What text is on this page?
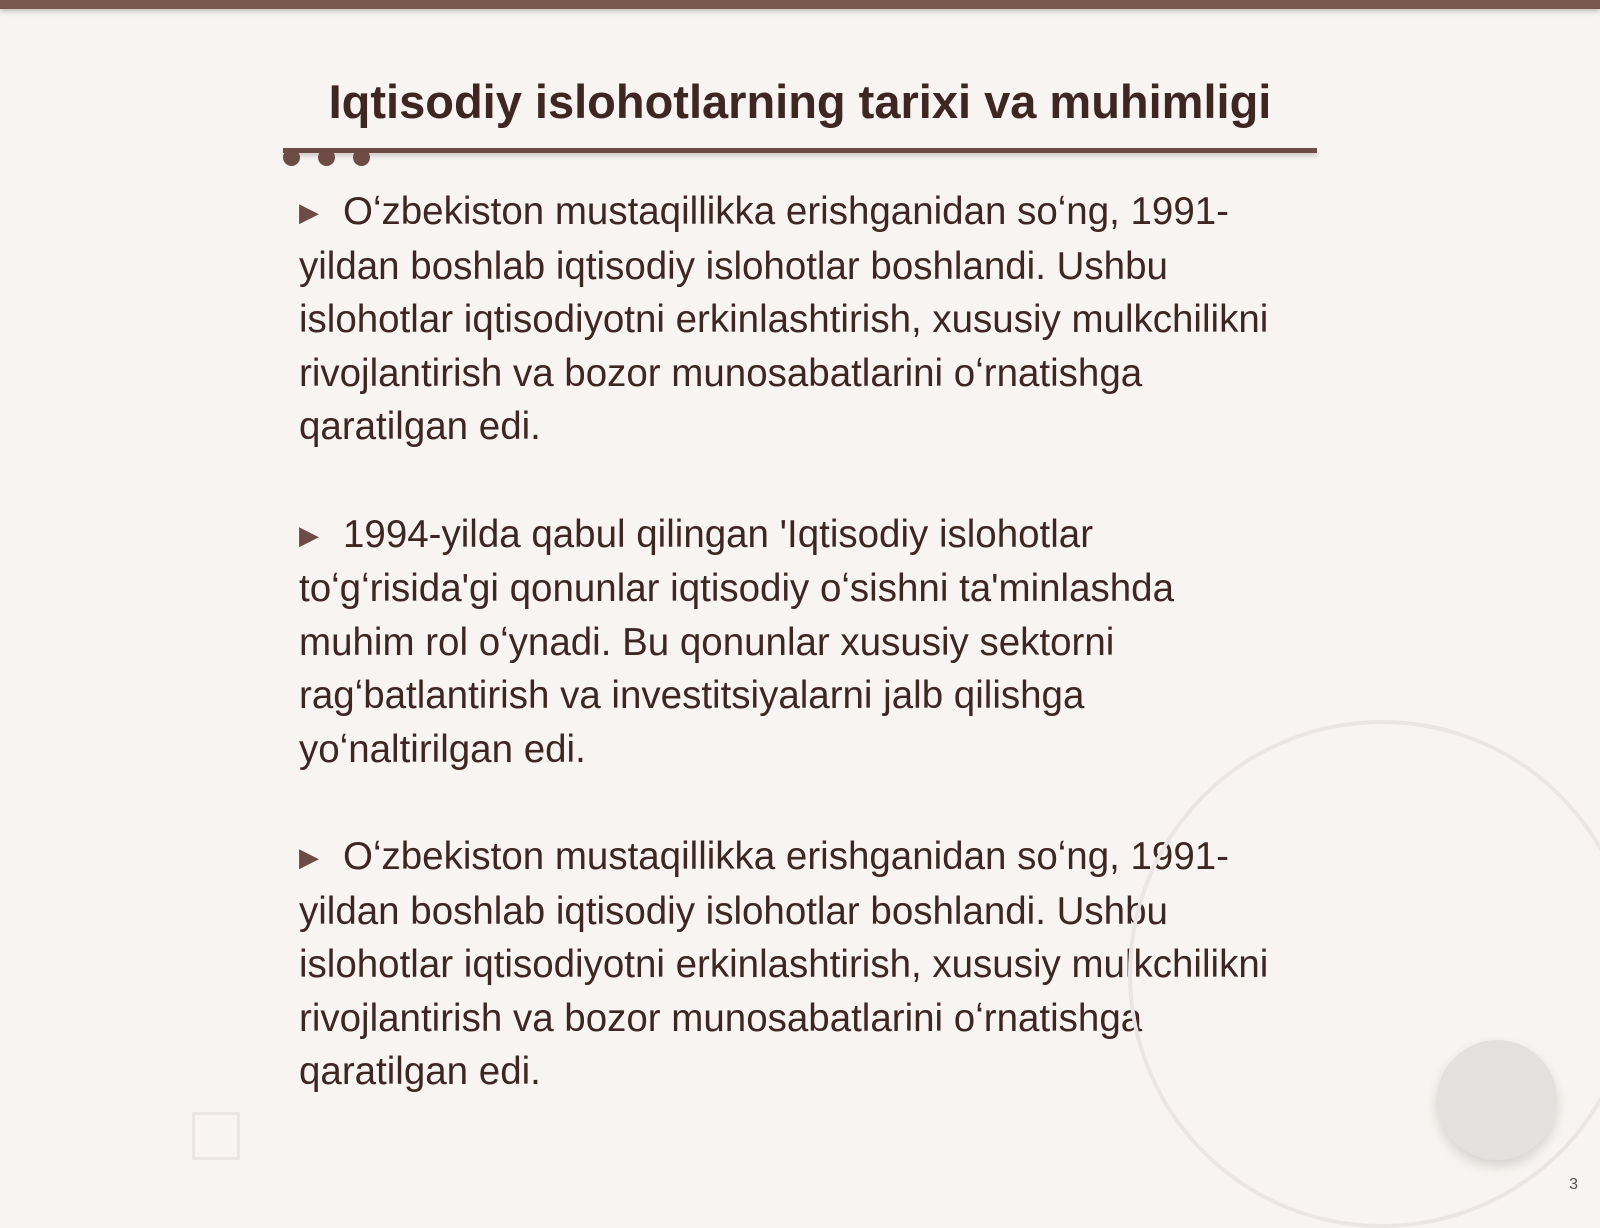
Iqtisodiy islohotlarning tarixi va muhimligi
▶ Oʻzbekiston mustaqillikka erishganidan soʻng, 1991-yildan boshlab iqtisodiy islohotlar boshlandi. Ushbu islohotlar iqtisodiyotni erkinlashtirish, xususiy mulkchilikni rivojlantirish va bozor munosabatlarini oʻrnatishga qaratilgan edi.
▶ 1994-yilda qabul qilingan 'Iqtisodiy islohotlar toʻgʻrisida'gi qonunlar iqtisodiy oʻsishni ta'minlashda muhim rol oʻynadi. Bu qonunlar xususiy sektorni ragʻbatlantirish va investitsiyalarni jalb qilishga yoʻnaltirilgan edi.
▶ Oʻzbekiston mustaqillikka erishganidan soʻng, 1991-yildan boshlab iqtisodiy islohotlar boshlandi. Ushbu islohotlar iqtisodiyotni erkinlashtirish, xususiy mulkchilikni rivojlantirish va bozor munosabatlarini oʻrnatishga qaratilgan edi.
3
